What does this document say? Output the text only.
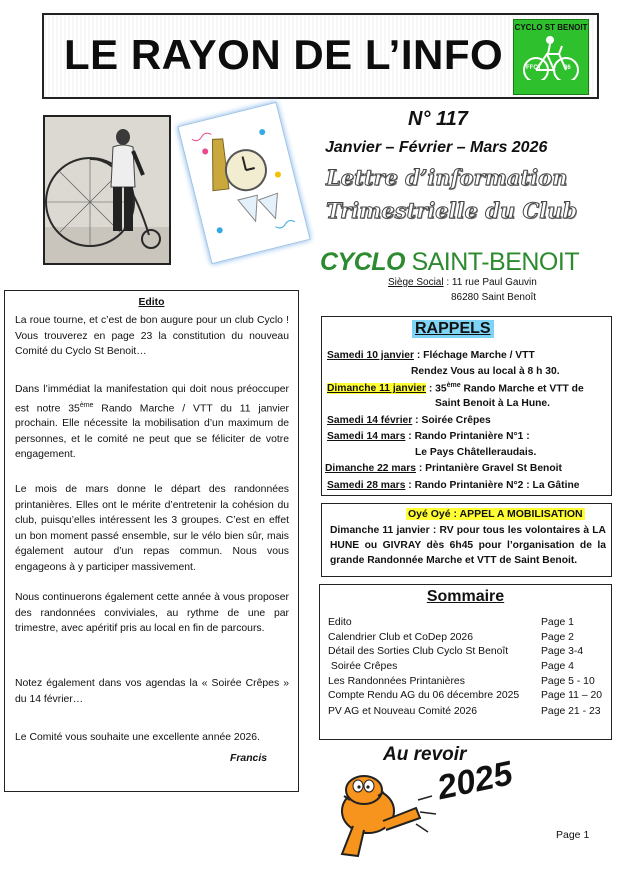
LE RAYON DE L’INFO
CYCLO ST BENOIT
FFCT	86
N° 117
Janvier – Février – Mars 2026
Lettre d’information
Trimestrielle du Club
CYCLO SAINT-BENOIT
Siège Social : 11 rue Paul Gauvin
86280 Saint Benoît

Edito

La roue tourne, et c’est de bon augure pour un club Cyclo ! Vous trouverez en page 23 la constitution du nouveau Comité du Cyclo St Benoit…

Dans l’immédiat la manifestation qui doit nous préoccuper est notre 35ème Rando Marche / VTT du 11 janvier prochain. Elle nécessite la mobilisation d’un maximum de personnes, et le comité ne peut que se féliciter de votre engagement.

Le mois de mars donne le départ des randonnées printanières. Elles ont le mérite d’entretenir la cohésion du club, puisqu’elles intéressent les 3 groupes. C’est en effet un bon moment passé ensemble, sur le vélo bien sûr, mais également autour d’un repas commun. Nous vous engageons à y participer massivement.

Nous continuerons également cette année à vous proposer des randonnées conviviales, au rythme de une par trimestre, avec apéritif pris au local en fin de parcours.

Notez également dans vos agendas la « Soirée Crêpes » du 14 février…

Le Comité vous souhaite une excellente année 2026.

Francis

RAPPELS
Samedi 10 janvier : Fléchage Marche / VTT
Rendez Vous au local à 8 h 30.
Dimanche 11 janvier : 35ème Rando Marche et VTT de
Saint Benoit à La Hune.
Samedi 14 février : Soirée Crêpes
Samedi 14 mars : Rando Printanière N°1 :
Le Pays Châtelleraudais.
Dimanche 22 mars : Printanière Gravel St Benoit
Samedi 28 mars : Rando Printanière N°2 : La Gâtine
Oyé Oyé : APPEL A MOBILISATION
Dimanche 11 janvier : RV pour tous les volontaires à LA HUNE ou GIVRAY dès 6h45 pour l’organisation de la grande Randonnée Marche et VTT de Saint Benoit.
Sommaire
Edito	Page 1
Calendrier Club et CoDep 2026	Page 2
Détail des Sorties Club Cyclo St Benoît	Page 3-4
Soirée Crêpes	Page 4
Les Randonnées Printanières	Page 5 - 10
Compte Rendu AG du 06 décembre 2025 Page 11 – 20
PV AG et Nouveau Comité 2026	Page 21 - 23
Au revoir
2025
Page 1
